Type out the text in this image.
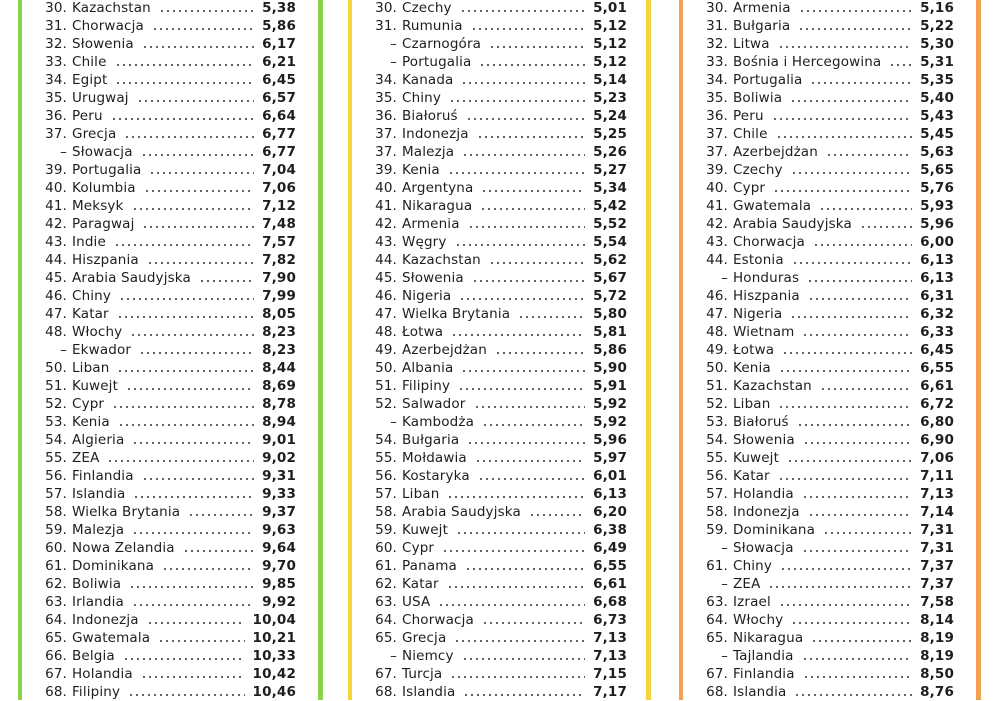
30. Kazachstan	5,38
31. Chorwacja	5,86
32. Słowenia	6,17
33. Chile	6,21
34. Egipt	6,45
35. Urugwaj	6,57
36. Peru	6,64
37. Grecja	6,77
– Słowacja	6,77
39. Portugalia	7,04
40. Kolumbia	7,06
41. Meksyk	7,12
42. Paragwaj	7,48
43. Indie	7,57
44. Hiszpania	7,82
45. Arabia Saudyjska	7,90
46. Chiny	7,99
47. Katar	8,05
48. Włochy	8,23
– Ekwador	8,23
50. Liban	8,44
51. Kuwejt	8,69
52. Cypr	8,78
53. Kenia	8,94
54. Algieria	9,01
55. ZEA	9,02
56. Finlandia	9,31
57. Islandia	9,33
58. Wielka Brytania	9,37
59. Malezja	9,63
60. Nowa Zelandia	9,64
61. Dominikana	9,70
62. Boliwia	9,85
63. Irlandia	9,92
64. Indonezja	10,04
65. Gwatemala	10,21
66. Belgia	10,33
67. Holandia	10,42
68. Filipiny	10,46
30. Czechy	5,01
31. Rumunia	5,12
– Czarnogóra	5,12
– Portugalia	5,12
34. Kanada	5,14
35. Chiny	5,23
36. Białoruś	5,24
37. Indonezja	5,25
37. Malezja	5,26
39. Kenia	5,27
40. Argentyna	5,34
41. Nikaragua	5,42
42. Armenia	5,52
43. Węgry	5,54
44. Kazachstan	5,62
45. Słowenia	5,67
46. Nigeria	5,72
47. Wielka Brytania	5,80
48. Łotwa	5,81
49. Azerbejdżan	5,86
50. Albania	5,90
51. Filipiny	5,91
52. Salwador	5,92
– Kambodża	5,92
54. Bułgaria	5,96
55. Mołdawia	5,97
56. Kostaryka	6,01
57. Liban	6,13
58. Arabia Saudyjska	6,20
59. Kuwejt	6,38
60. Cypr	6,49
61. Panama	6,55
62. Katar	6,61
63. USA	6,68
64. Chorwacja	6,73
65. Grecja	7,13
– Niemcy	7,13
67. Turcja	7,15
68. Islandia	7,17
30. Armenia	5,16
31. Bułgaria	5,22
32. Litwa	5,30
33. Bośnia i Hercegowina	5,31
34. Portugalia	5,35
35. Boliwia	5,40
36. Peru	5,43
37. Chile	5,45
37. Azerbejdżan	5,63
39. Czechy	5,65
40. Cypr	5,76
41. Gwatemala	5,93
42. Arabia Saudyjska	5,96
43. Chorwacja	6,00
44. Estonia	6,13
– Honduras	6,13
46. Hiszpania	6,31
47. Nigeria	6,32
48. Wietnam	6,33
49. Łotwa	6,45
50. Kenia	6,55
51. Kazachstan	6,61
52. Liban	6,72
53. Białoruś	6,80
54. Słowenia	6,90
55. Kuwejt	7,06
56. Katar	7,11
57. Holandia	7,13
58. Indonezja	7,14
59. Dominikana	7,31
– Słowacja	7,31
61. Chiny	7,37
– ZEA	7,37
63. Izrael	7,58
64. Włochy	8,14
65. Nikaragua	8,19
– Tajlandia	8,19
67. Finlandia	8,50
68. Islandia	8,76
